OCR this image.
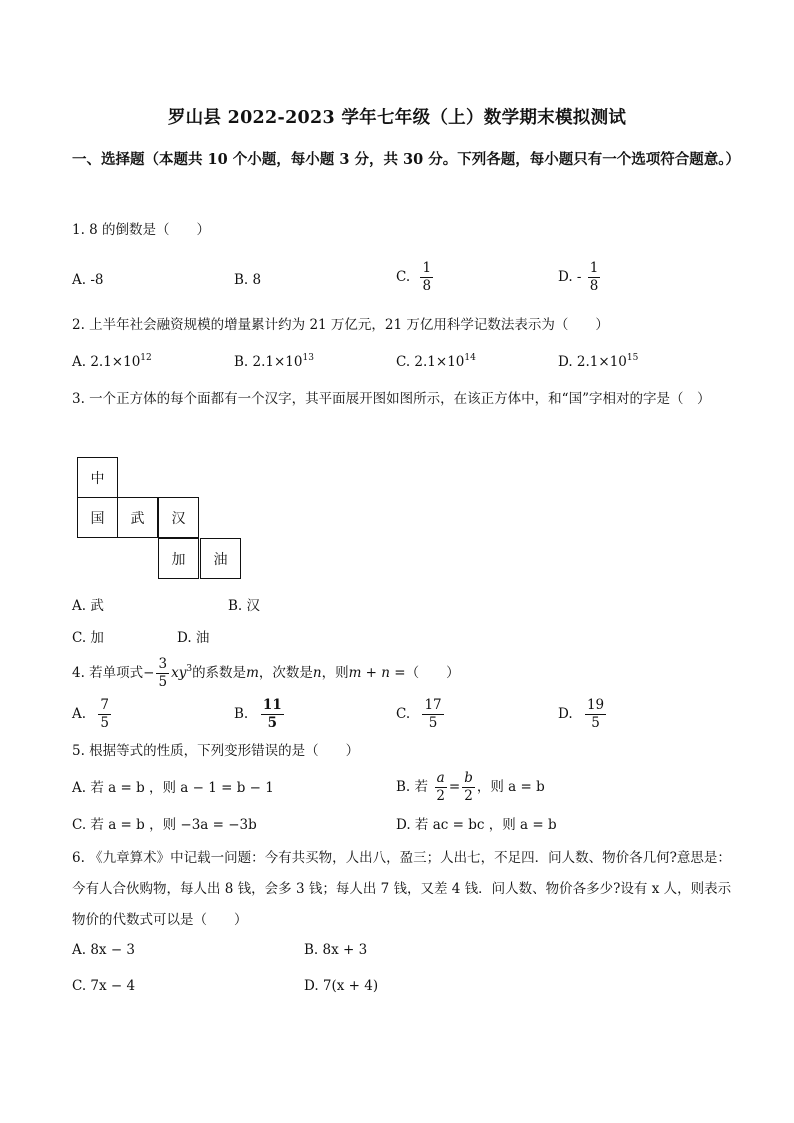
罗山县 2022-2023 学年七年级（上）数学期末模拟测试
一、选择题（本题共 10 个小题，每小题 3 分，共 30 分。下列各题，每小题只有一个选项符合题意。）
1. 8 的倒数是（　　）
A. -8	B. 8	C. $\frac{1}{8}$	D. - $\frac{1}{8}$
2. 上半年社会融资规模的增量累计约为 21 万亿元，21 万亿用科学记数法表示为（　　）
A. $2.1\times 10^{12}$	B. $2.1\times 10^{13}$	C. $2.1\times 10^{14}$	D. $2.1\times 10^{15}$
3. 一个正方体的每个面都有一个汉字，其平面展开图如图所示，在该正方体中，和“国”字相对的字是（　）
中
国	武	汉
加	油
A. 武	B. 汉
C. 加	D. 油
4. 若单项式− $\frac{3}{5} xy^3$的系数是m，次数是n，则m + n =（　　）
A. $\frac{7}{5}$	B. $\frac{11}{5}$	C. $\frac{17}{5}$	D. $\frac{19}{5}$
5. 根据等式的性质，下列变形错误的是（　　）
A. 若 a = b ，则 a − 1 = b − 1	B. 若 $\frac{a}{2} = \frac{b}{2}$ ，则 a = b
C. 若 a = b ，则 −3a = −3b	D. 若 ac = bc ，则 a = b
6. 《九章算术》中记载一问题：今有共买物，人出八，盈三；人出七，不足四．问人数、物价各几何?意思是：今有人合伙购物，每人出 8 钱，会多 3 钱；每人出 7 钱，又差 4 钱．问人数、物价各多少?设有 x 人，则表示物价的代数式可以是（　　）
A. 8x − 3	B. 8x + 3
C. 7x − 4	D. 7(x + 4)
